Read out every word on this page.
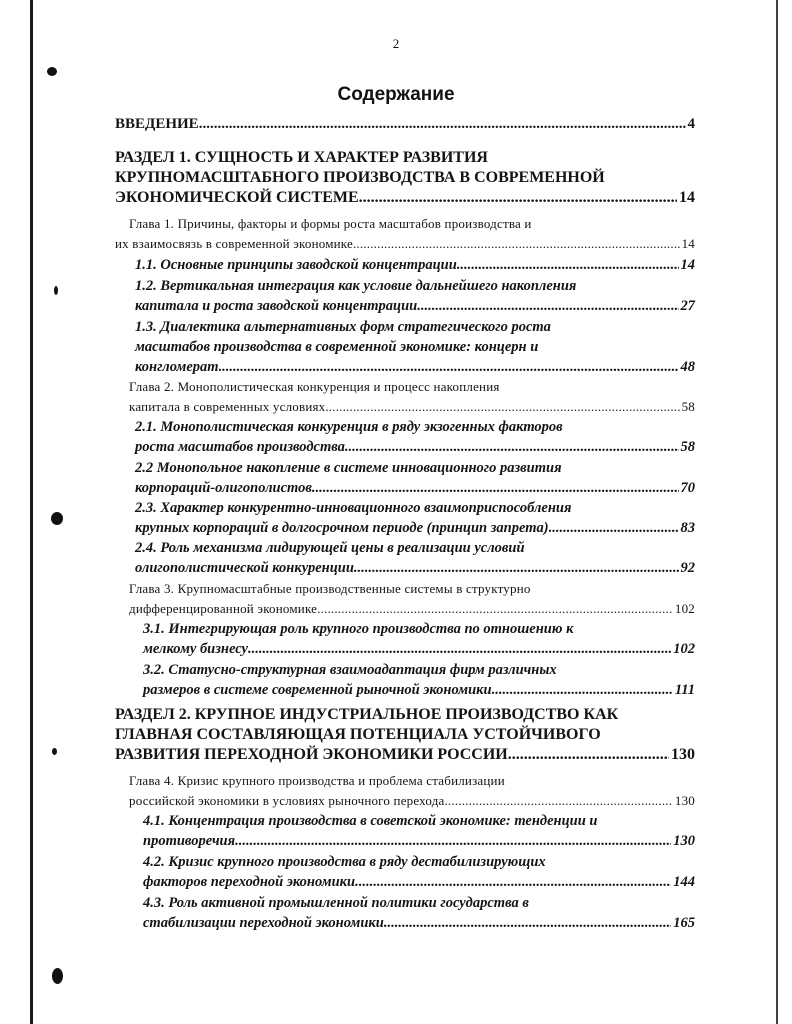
2
Содержание
ВВЕДЕНИЕ .....	4
РАЗДЕЛ 1. СУЩНОСТЬ И ХАРАКТЕР РАЗВИТИЯ
КРУПНОМАСШТАБНОГО ПРОИЗВОДСТВА В СОВРЕМЕННОЙ
ЭКОНОМИЧЕСКОЙ СИСТЕМЕ .....	14
Глава 1. Причины, факторы и формы роста масштабов производства и
их взаимосвязь в современной экономике .....	14
1.1. Основные принципы заводской концентрации .....	14
1.2. Вертикальная интеграция как условие дальнейшего накопления
капитала и роста заводской концентрации .....	27
1.3. Диалектика альтернативных форм стратегического роста
масштабов производства в современной экономике: концерн и
конгломерат .....	48
Глава 2. Монополистическая конкуренция и процесс накопления
капитала в современных условиях .....	58
2.1. Монополистическая конкуренция в ряду экзогенных факторов
роста масштабов производства .....	58
2.2 Монопольное накопление в системе инновационного развития
корпораций-олигополистов .....	70
2.3. Характер конкурентно-инновационного взаимоприспособления
крупных корпораций в долгосрочном периоде (принцип запрета) .....	83
2.4. Роль механизма лидирующей цены в реализации условий
олигополистической конкуренции .....	92
Глава 3. Крупномасштабные производственные системы в структурно
дифференцированной экономике .....	102
3.1. Интегрирующая роль крупного производства по отношению к
мелкому бизнесу .....	102
3.2. Статусно-структурная взаимоадаптация фирм различных
размеров в системе современной рыночной экономики .....	111
РАЗДЕЛ 2. КРУПНОЕ ИНДУСТРИАЛЬНОЕ ПРОИЗВОДСТВО КАК
ГЛАВНАЯ СОСТАВЛЯЮЩАЯ ПОТЕНЦИАЛА УСТОЙЧИВОГО
РАЗВИТИЯ ПЕРЕХОДНОЙ ЭКОНОМИКИ РОССИИ .....	130
Глава 4. Кризис крупного производства и проблема стабилизации
российской экономики в условиях рыночного перехода .....	130
4.1. Концентрация производства в советской экономике: тенденции и
противоречия .....	130
4.2. Кризис крупного производства в ряду дестабилизирующих
факторов переходной экономики .....	144
4.3. Роль активной промышленной политики государства в
стабилизации переходной экономики .....	165
